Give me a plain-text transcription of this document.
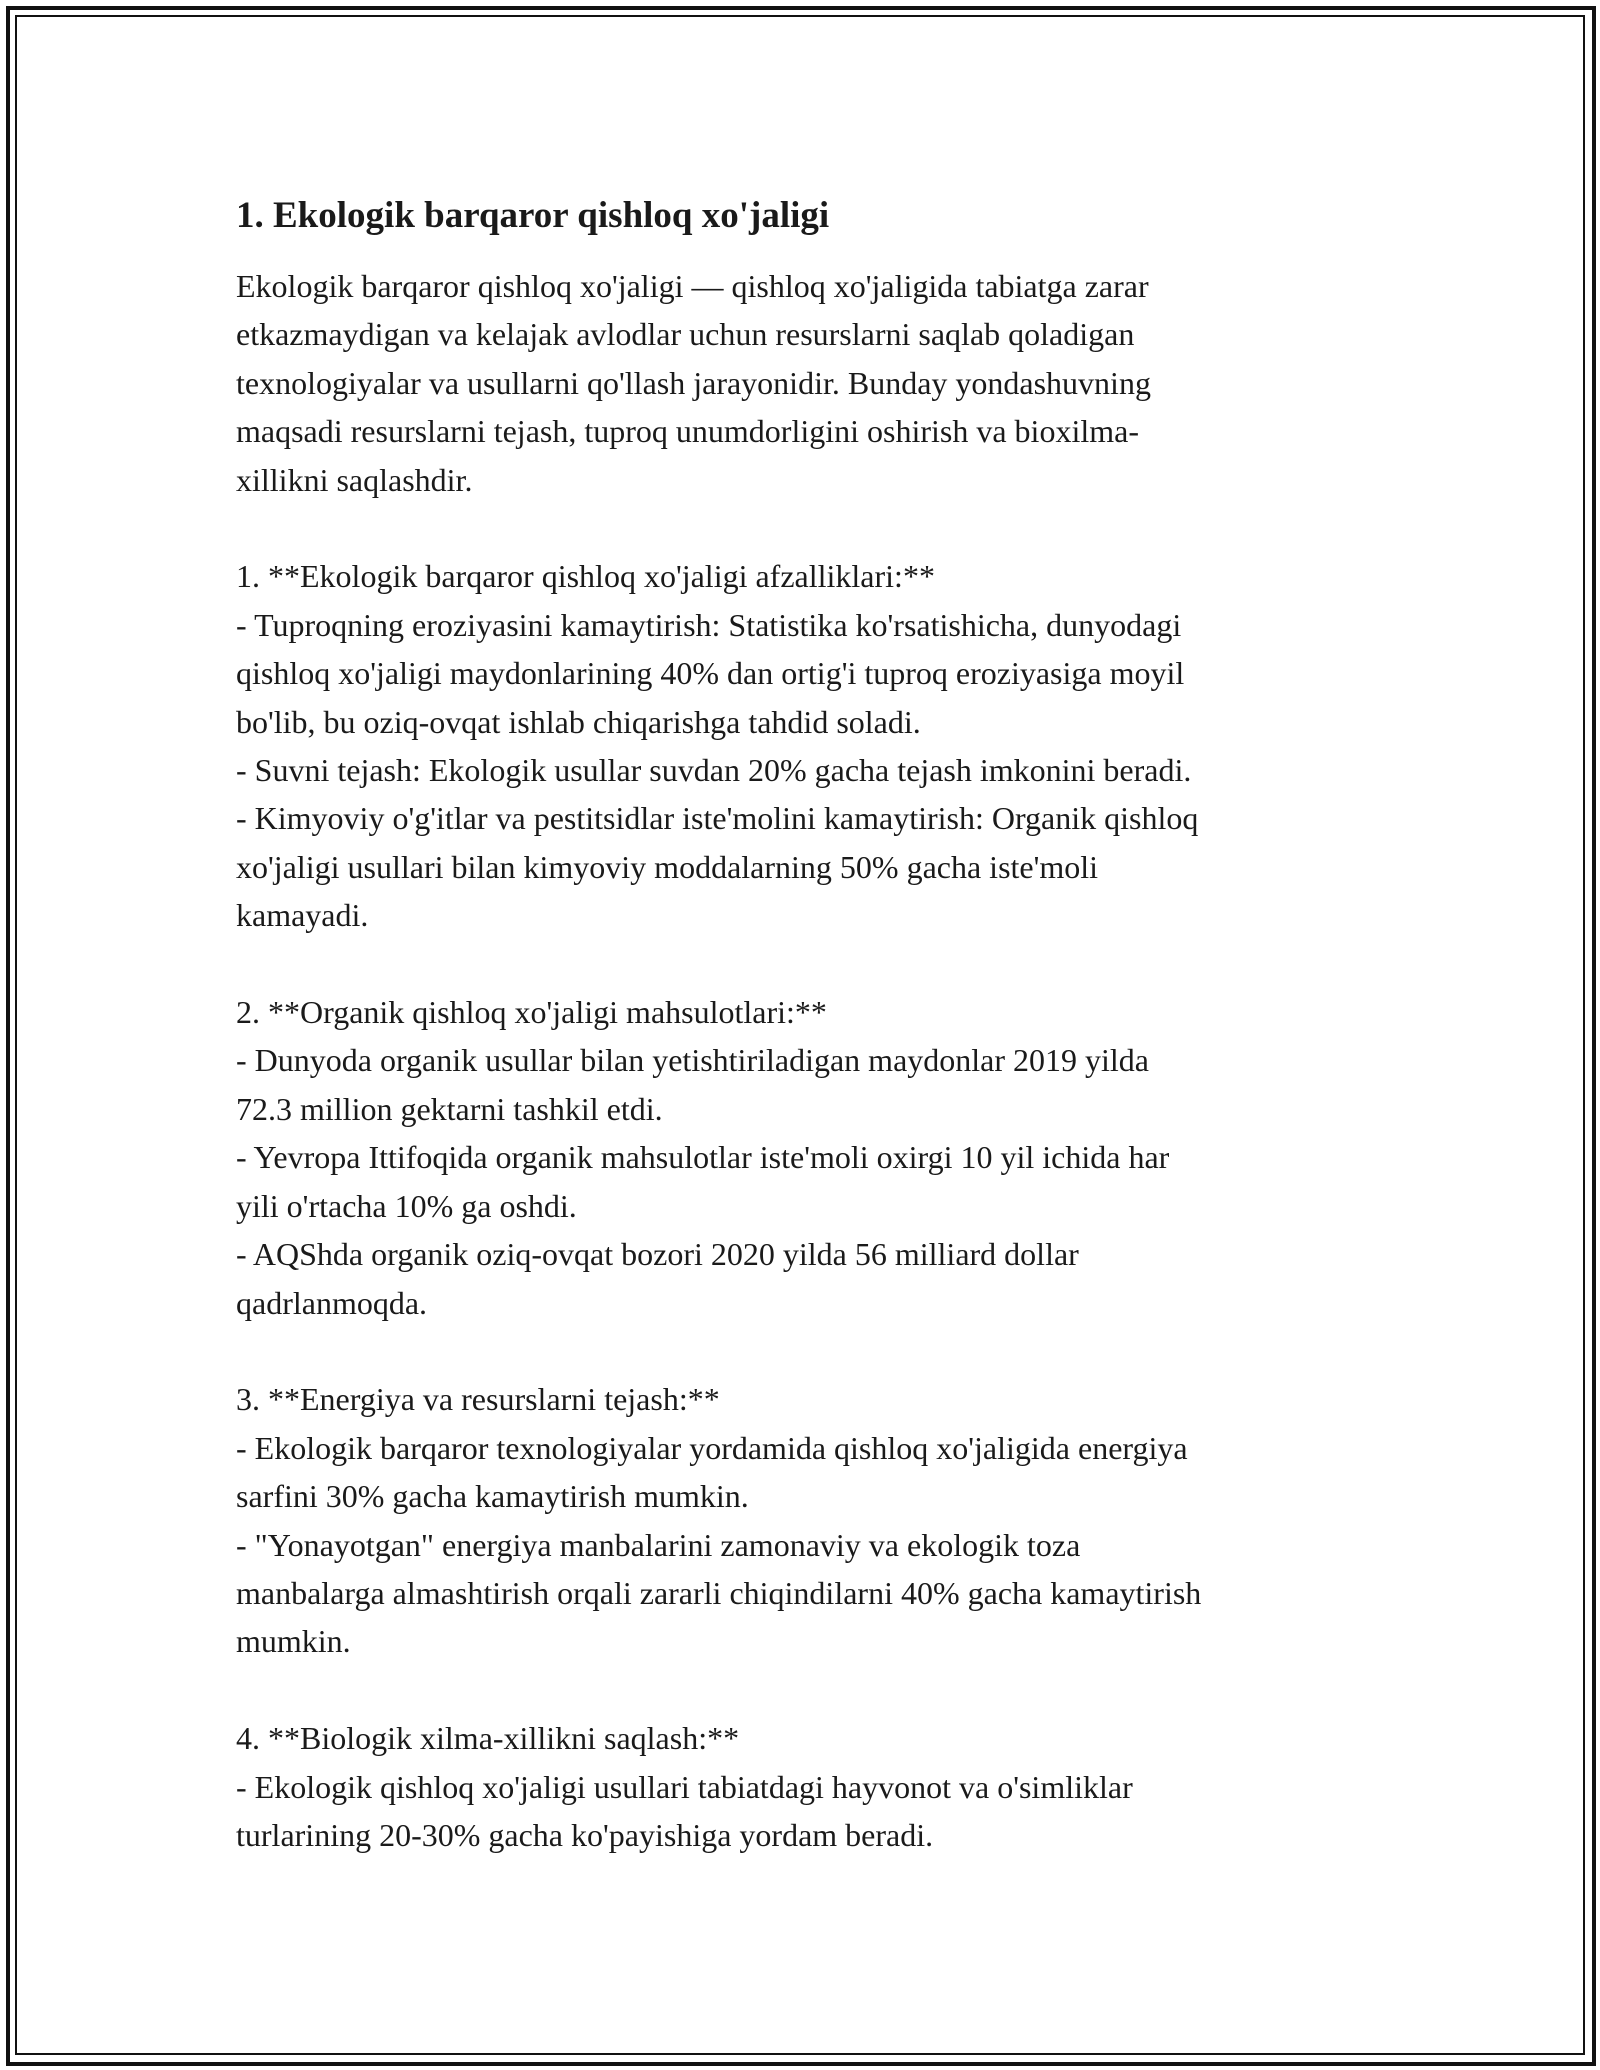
1. Ekologik barqaror qishloq xo'jaligi

Ekologik barqaror qishloq xo'jaligi — qishloq xo'jaligida tabiatga zarar
etkazmaydigan va kelajak avlodlar uchun resurslarni saqlab qoladigan
texnologiyalar va usullarni qo'llash jarayonidir. Bunday yondashuvning
maqsadi resurslarni tejash, tuproq unumdorligini oshirish va bioxilma-
xillikni saqlashdir.

1. **Ekologik barqaror qishloq xo'jaligi afzalliklari:**
- Tuproqning eroziyasini kamaytirish: Statistika ko'rsatishicha, dunyodagi
qishloq xo'jaligi maydonlarining 40% dan ortig'i tuproq eroziyasiga moyil
bo'lib, bu oziq-ovqat ishlab chiqarishga tahdid soladi.
- Suvni tejash: Ekologik usullar suvdan 20% gacha tejash imkonini beradi.
- Kimyoviy o'g'itlar va pestitsidlar iste'molini kamaytirish: Organik qishloq
xo'jaligi usullari bilan kimyoviy moddalarning 50% gacha iste'moli
kamayadi.
2. **Organik qishloq xo'jaligi mahsulotlari:**
- Dunyoda organik usullar bilan yetishtiriladigan maydonlar 2019 yilda
72.3 million gektarni tashkil etdi.
- Yevropa Ittifoqida organik mahsulotlar iste'moli oxirgi 10 yil ichida har
yili o'rtacha 10% ga oshdi.
- AQShda organik oziq-ovqat bozori 2020 yilda 56 milliard dollar
qadrlanmoqda.
3. **Energiya va resurslarni tejash:**
- Ekologik barqaror texnologiyalar yordamida qishloq xo'jaligida energiya
sarfini 30% gacha kamaytirish mumkin.
- "Yonayotgan" energiya manbalarini zamonaviy va ekologik toza
manbalarga almashtirish orqali zararli chiqindilarni 40% gacha kamaytirish
mumkin.
4. **Biologik xilma-xillikni saqlash:**
- Ekologik qishloq xo'jaligi usullari tabiatdagi hayvonot va o'simliklar
turlarining 20-30% gacha ko'payishiga yordam beradi.
